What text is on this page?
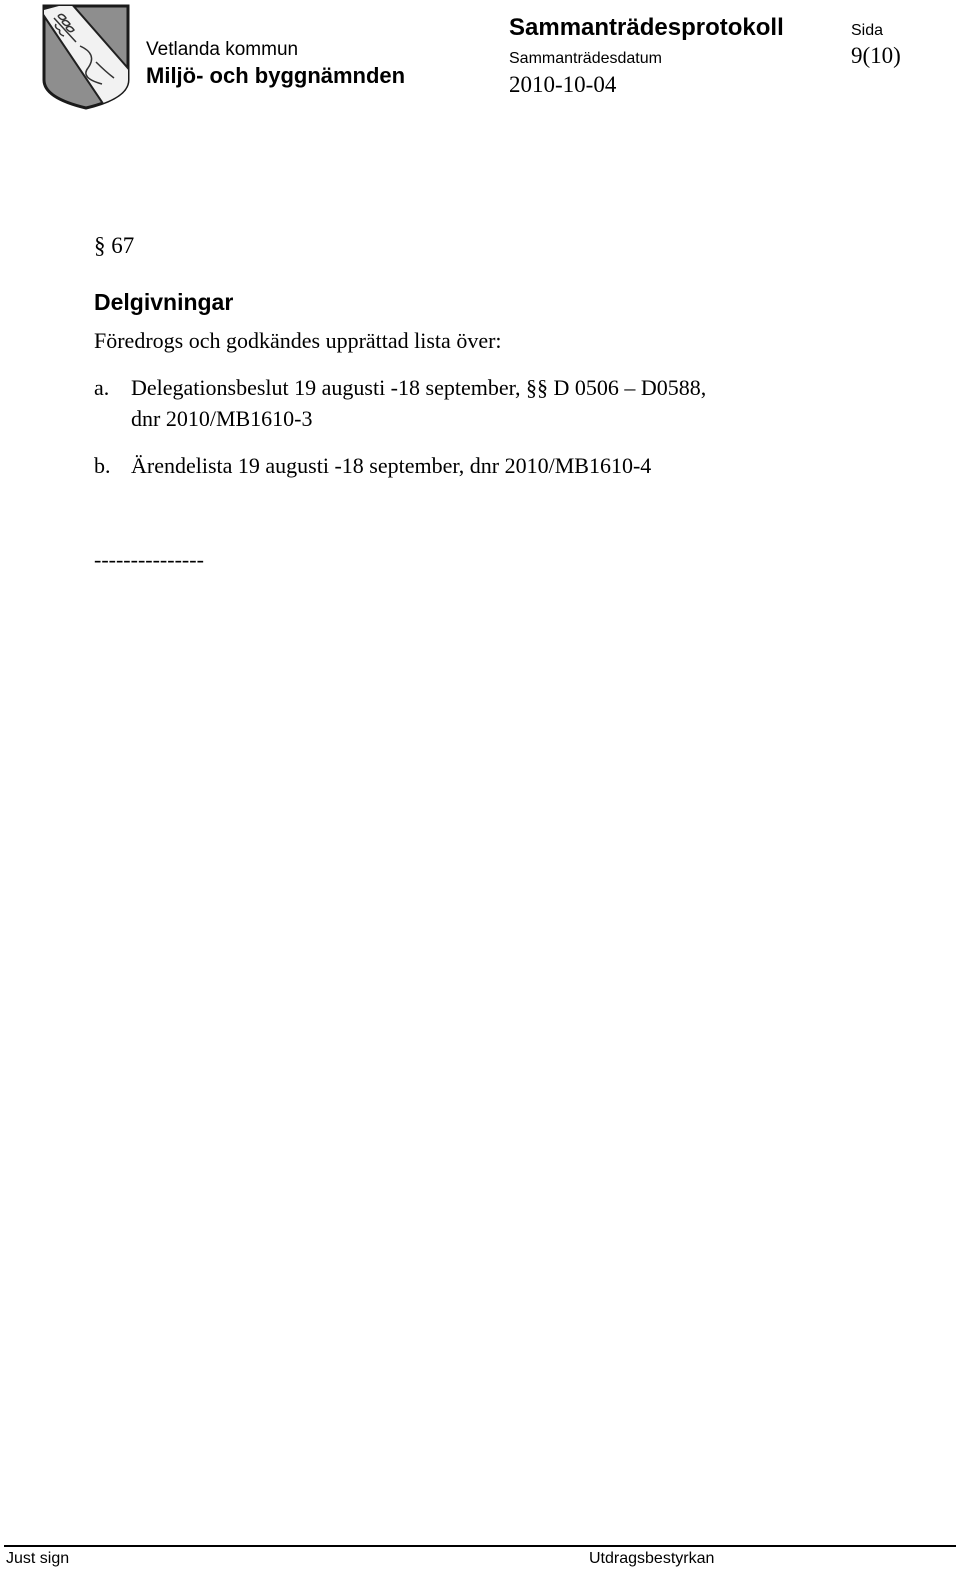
Vetlanda kommun
Miljö- och byggnämnden
Sammanträdesprotokoll
Sammanträdesdatum
2010-10-04
Sida
9(10)
§ 67
Delgivningar
Föredrogs och godkändes upprättad lista över:
a. Delegationsbeslut 19 augusti -18 september, §§ D 0506 – D0588,
dnr 2010/MB1610-3
b. Ärendelista 19 augusti -18 september, dnr 2010/MB1610-4
---------------
Just sign	Utdragsbestyrkan
